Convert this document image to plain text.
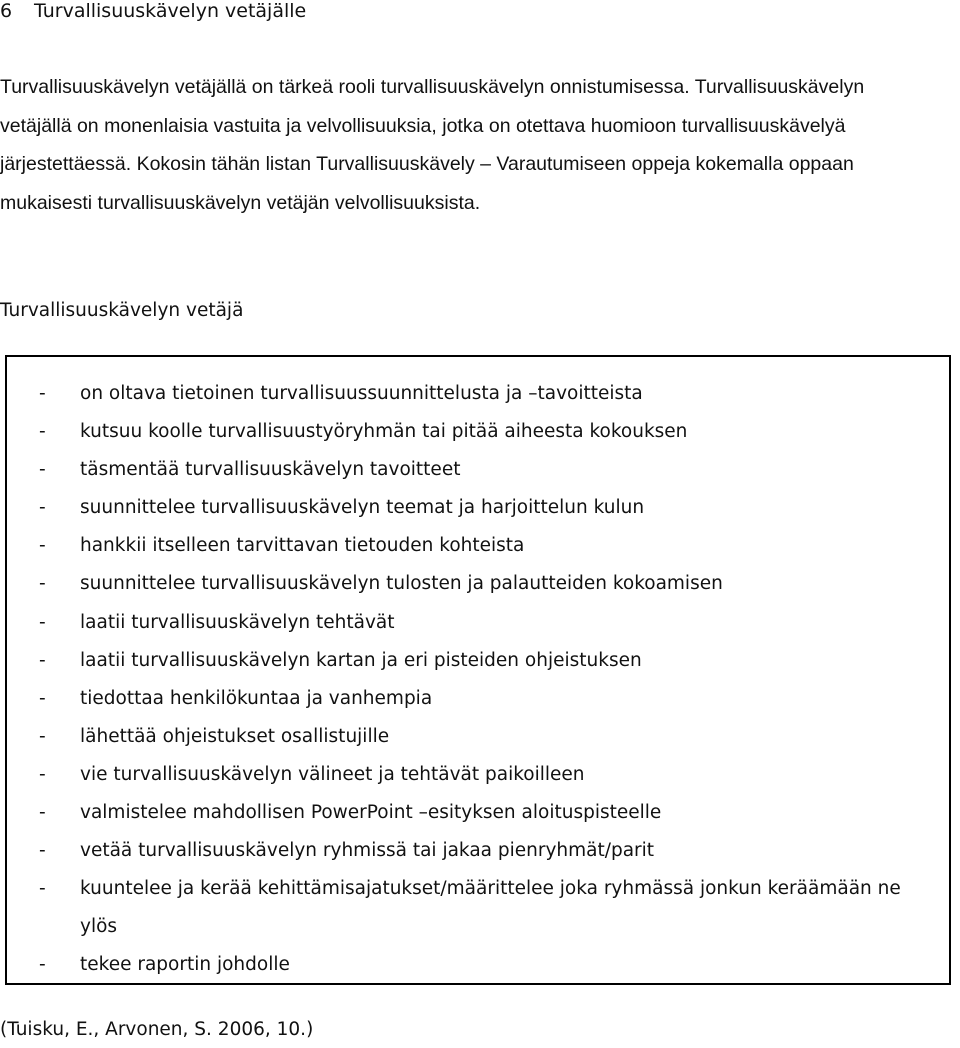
6 Turvallisuuskävelyn vetäjälle

Turvallisuuskävelyn vetäjällä on tärkeä rooli turvallisuuskävelyn onnistumisessa. Turvallisuuskävelyn vetäjällä on monenlaisia vastuita ja velvollisuuksia, jotka on otettava huomioon turvallisuuskävelyä järjestettäessä. Kokosin tähän listan Turvallisuuskävely – Varautumiseen oppeja kokemalla oppaan mukaisesti turvallisuuskävelyn vetäjän velvollisuuksista.

Turvallisuuskävelyn vetäjä
- on oltava tietoinen turvallisuussuunnittelusta ja –tavoitteista
- kutsuu koolle turvallisuustyöryhmän tai pitää aiheesta kokouksen
- täsmentää turvallisuuskävelyn tavoitteet
- suunnittelee turvallisuuskävelyn teemat ja harjoittelun kulun
- hankkii itselleen tarvittavan tietouden kohteista
- suunnittelee turvallisuuskävelyn tulosten ja palautteiden kokoamisen
- laatii turvallisuuskävelyn tehtävät
- laatii turvallisuuskävelyn kartan ja eri pisteiden ohjeistuksen
- tiedottaa henkilökuntaa ja vanhempia
- lähettää ohjeistukset osallistujille
- vie turvallisuuskävelyn välineet ja tehtävät paikoilleen
- valmistelee mahdollisen PowerPoint –esityksen aloituspisteelle
- vetää turvallisuuskävelyn ryhmissä tai jakaa pienryhmät/parit
- kuuntelee ja kerää kehittämisajatukset/määrittelee joka ryhmässä jonkun keräämään ne ylös
- tekee raportin johdolle
(Tuisku, E., Arvonen, S. 2006, 10.)
